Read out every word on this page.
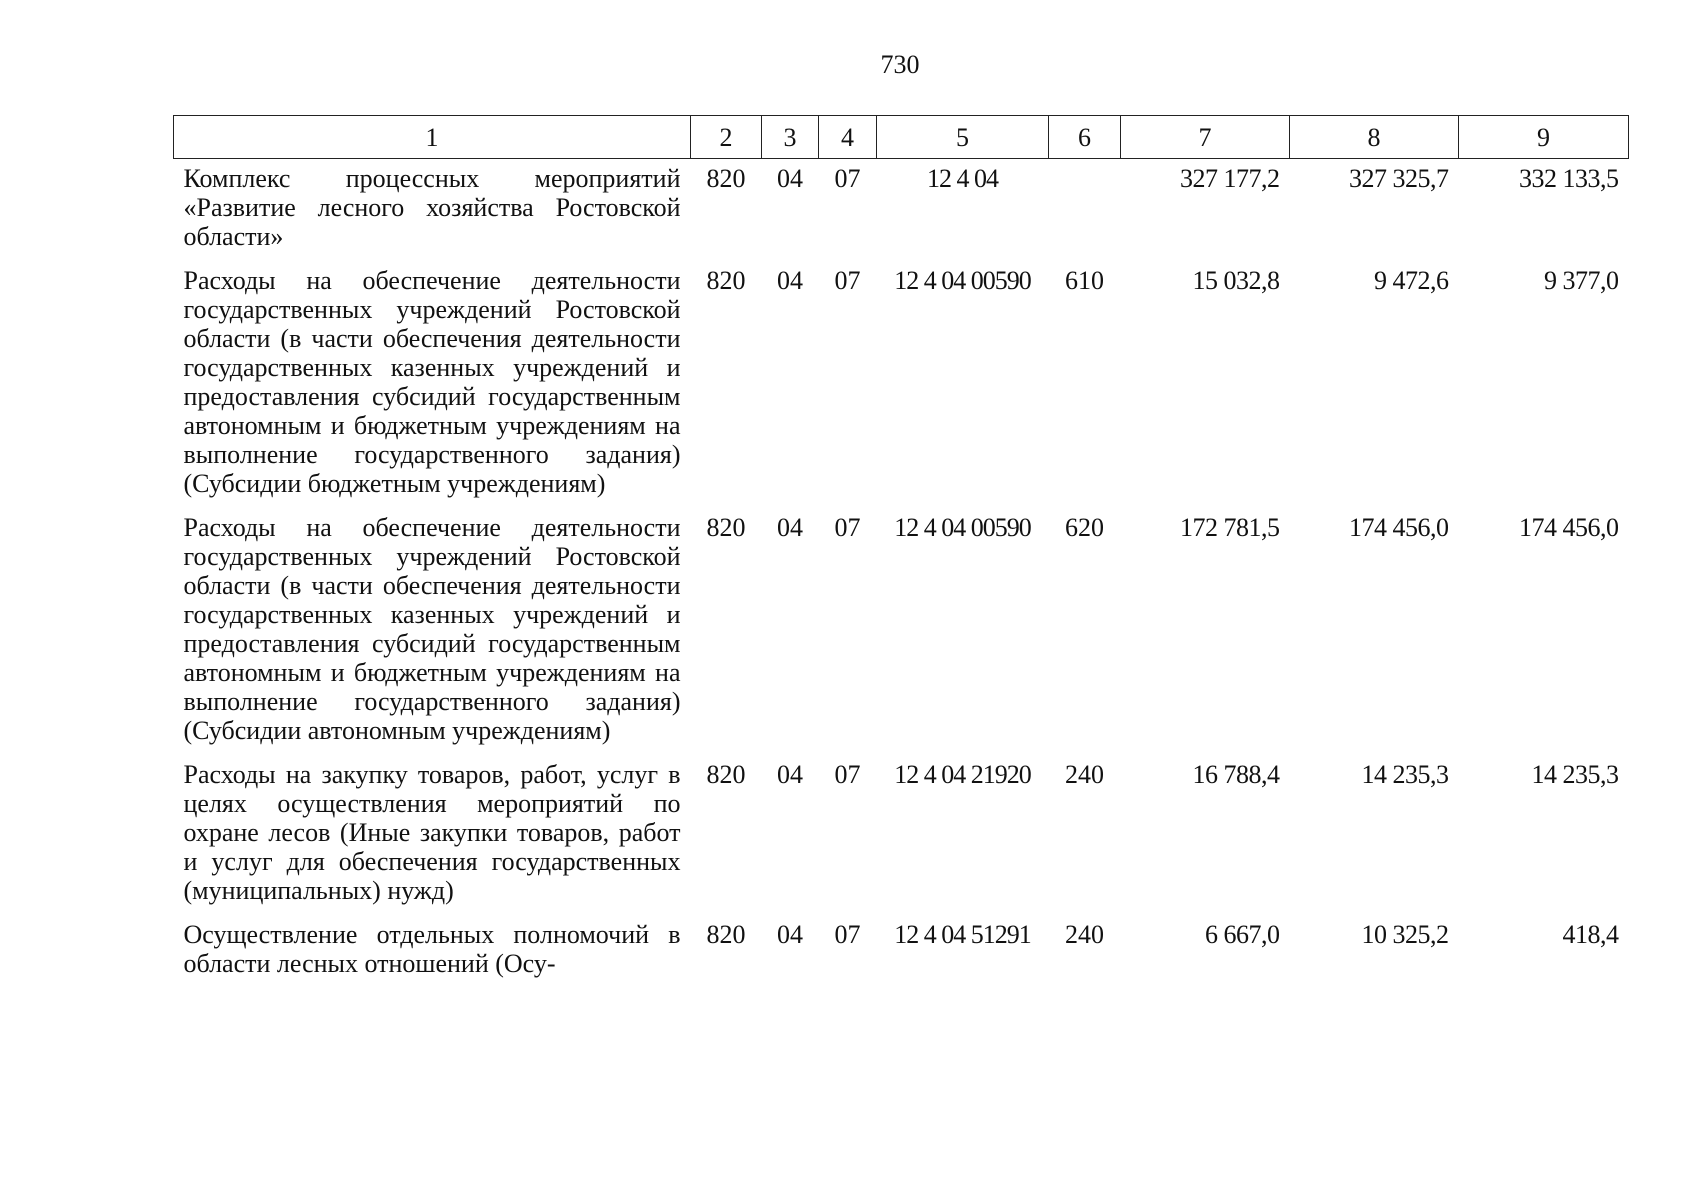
730
1	2	3	4	5	6	7	8	9
Комплекс процессных мероприятий «Развитие лесного хозяйства Ростовской области»	820	04	07	12 4 04		327 177,2	327 325,7	332 133,5
Расходы на обеспечение деятельности государственных учреждений Ростовской области (в части обеспечения деятельности государственных казенных учреждений и предоставления субсидий государственным автономным и бюджетным учреждениям на выполнение государственного задания) (Субсидии бюджетным учреждениям)	820	04	07	12 4 04 00590	610	15 032,8	9 472,6	9 377,0
Расходы на обеспечение деятельности государственных учреждений Ростовской области (в части обеспечения деятельности государственных казенных учреждений и предоставления субсидий государственным автономным и бюджетным учреждениям на выполнение государственного задания) (Субсидии автономным учреждениям)	820	04	07	12 4 04 00590	620	172 781,5	174 456,0	174 456,0
Расходы на закупку товаров, работ, услуг в целях осуществления мероприятий по охране лесов (Иные закупки товаров, работ и услуг для обеспечения государственных (муниципальных) нужд)	820	04	07	12 4 04 21920	240	16 788,4	14 235,3	14 235,3
Осуществление отдельных полномочий в области лесных отношений (Осу-	820	04	07	12 4 04 51291	240	6 667,0	10 325,2	418,4
